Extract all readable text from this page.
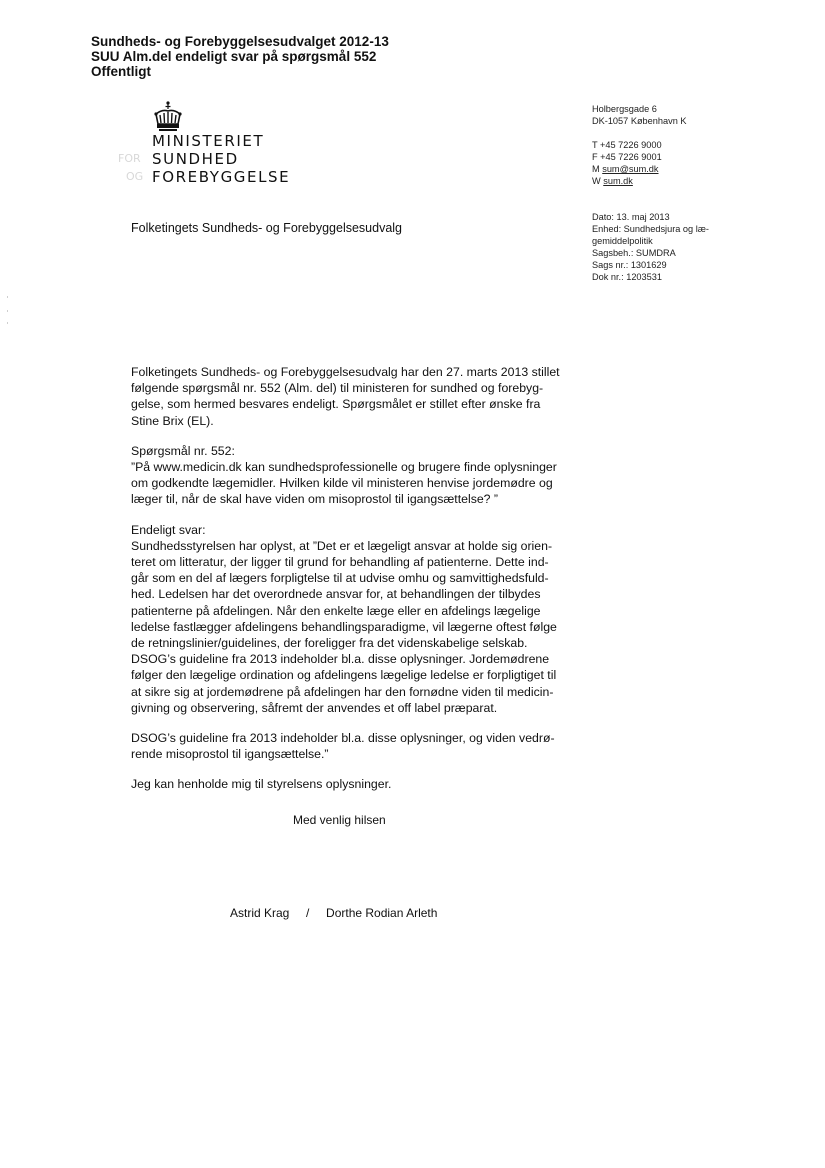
Sundheds- og Forebyggelsesudvalget 2012-13
SUU Alm.del endeligt svar på spørgsmål 552
Offentligt
MINISTERIET
FOR SUNDHED
OG FOREBYGGELSE
Holbergsgade 6
DK-1057 København K
T +45 7226 9000
F +45 7226 9001
M sum@sum.dk
W sum.dk
Dato: 13. maj 2013
Enhed: Sundhedsjura og læ-
gemiddelpolitik
Sagsbeh.: SUMDRA
Sags nr.: 1301629
Dok nr.: 1203531
Folketingets Sundheds- og Forebyggelsesudvalg
Folketingets Sundheds- og Forebyggelsesudvalg har den 27. marts 2013 stillet
følgende spørgsmål nr. 552 (Alm. del) til ministeren for sundhed og forebyg-
gelse, som hermed besvares endeligt. Spørgsmålet er stillet efter ønske fra
Stine Brix (EL).
Spørgsmål nr. 552:
”På www.medicin.dk kan sundhedsprofessionelle og brugere finde oplysninger
om godkendte lægemidler. Hvilken kilde vil ministeren henvise jordemødre og
læger til, når de skal have viden om misoprostol til igangsættelse? ”
Endeligt svar:
Sundhedsstyrelsen har oplyst, at ”Det er et lægeligt ansvar at holde sig orien-
teret om litteratur, der ligger til grund for behandling af patienterne. Dette ind-
går som en del af lægers forpligtelse til at udvise omhu og samvittighedsfuld-
hed. Ledelsen har det overordnede ansvar for, at behandlingen der tilbydes
patienterne på afdelingen. Når den enkelte læge eller en afdelings lægelige
ledelse fastlægger afdelingens behandlingsparadigme, vil lægerne oftest følge
de retningslinier/guidelines, der foreligger fra det videnskabelige selskab.
DSOG’s guideline fra 2013 indeholder bl.a. disse oplysninger. Jordemødrene
følger den lægelige ordination og afdelingens lægelige ledelse er forpligtiget til
at sikre sig at jordemødrene på afdelingen har den fornødne viden til medicin-
givning og observering, såfremt der anvendes et off label præparat.
DSOG’s guideline fra 2013 indeholder bl.a. disse oplysninger, og viden vedrø-
rende misoprostol til igangsættelse.”
Jeg kan henholde mig til styrelsens oplysninger.
Med venlig hilsen
Astrid Krag     /     Dorthe Rodian Arleth
